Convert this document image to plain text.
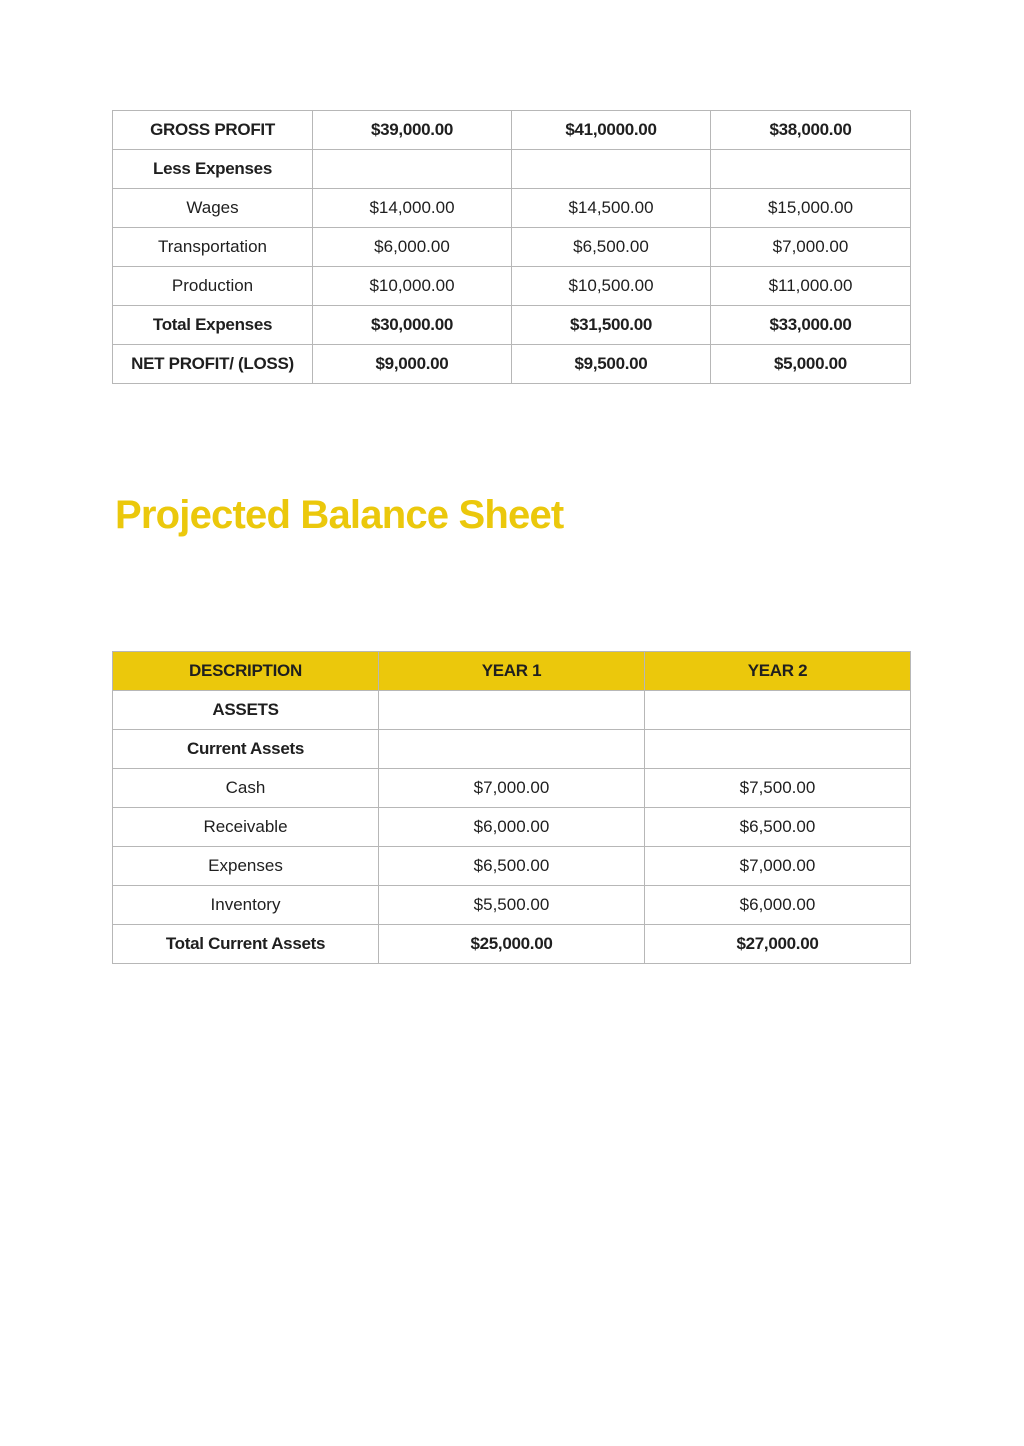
GROSS PROFIT	$39,000.00	$41,0000.00	$38,000.00
Less Expenses			
Wages	$14,000.00	$14,500.00	$15,000.00
Transportation	$6,000.00	$6,500.00	$7,000.00
Production	$10,000.00	$10,500.00	$11,000.00
Total Expenses	$30,000.00	$31,500.00	$33,000.00
NET PROFIT/ (LOSS)	$9,000.00	$9,500.00	$5,000.00
Projected Balance Sheet
DESCRIPTION	YEAR 1	YEAR 2
ASSETS		
Current Assets		
Cash	$7,000.00	$7,500.00
Receivable	$6,000.00	$6,500.00
Expenses	$6,500.00	$7,000.00
Inventory	$5,500.00	$6,000.00
Total Current Assets	$25,000.00	$27,000.00
